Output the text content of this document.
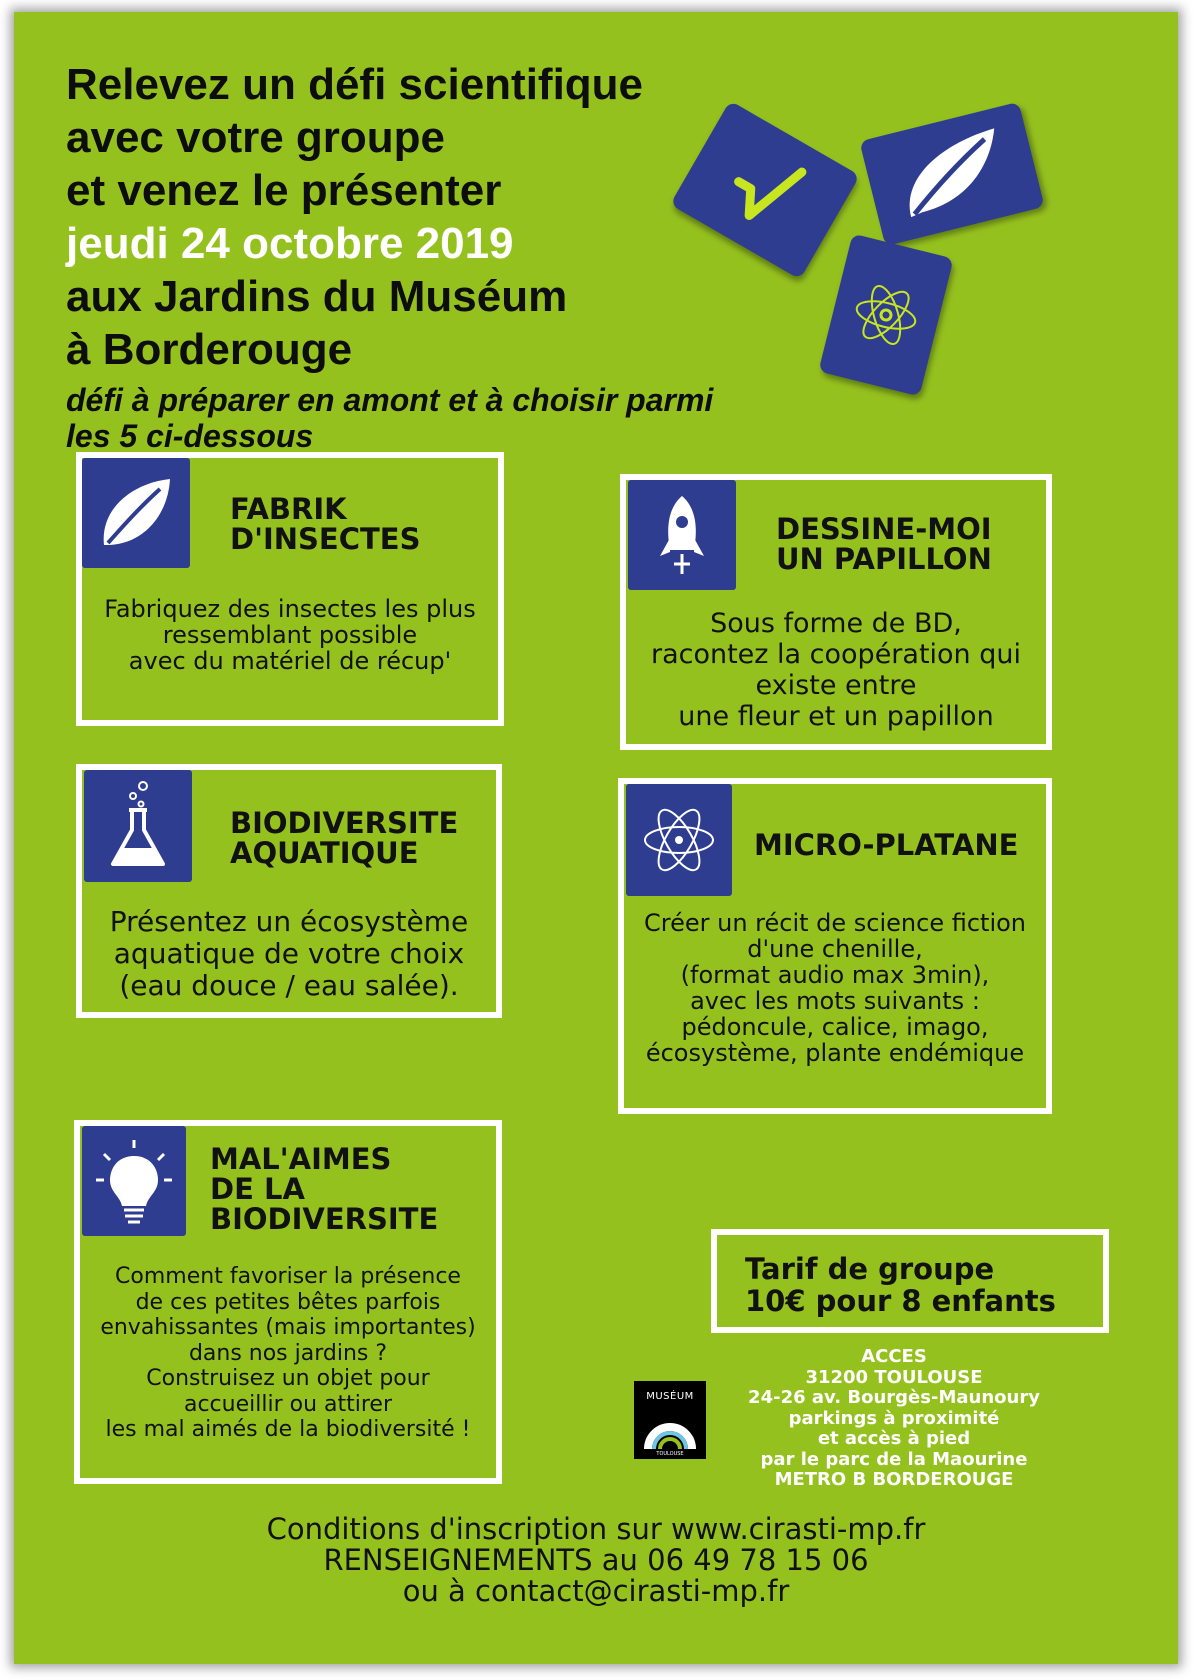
Relevez un défi scientifique
avec votre groupe
et venez le présenter
jeudi 24 octobre 2019
aux Jardins du Muséum
à Borderouge
défi à préparer en amont et à choisir parmi
les 5 ci-dessous
FABRIK
D'INSECTES
Fabriquez des insectes les plus
ressemblant possible
avec du matériel de récup'
DESSINE-MOI
UN PAPILLON
Sous forme de BD,
racontez la coopération qui
existe entre
une fleur et un papillon
BIODIVERSITE
AQUATIQUE
Présentez un écosystème
aquatique de votre choix
(eau douce / eau salée).
MICRO-PLATANE
Créer un récit de science fiction
d'une chenille,
(format audio max 3min),
avec les mots suivants :
pédoncule, calice, imago,
écosystème, plante endémique
MAL'AIMES
DE LA
BIODIVERSITE
Comment favoriser la présence
de ces petites bêtes parfois
envahissantes (mais importantes)
dans nos jardins ?
Construisez un objet pour
accueillir ou attirer
les mal aimés de la biodiversité !
Tarif de groupe
10€ pour 8 enfants
MUSÉUM
TOULOUSE
ACCES
31200 TOULOUSE
24-26 av. Bourgès-Maunoury
parkings à proximité
et accès à pied
par le parc de la Maourine
METRO B BORDEROUGE
Conditions d'inscription sur www.cirasti-mp.fr
RENSEIGNEMENTS au 06 49 78 15 06
ou à contact@cirasti-mp.fr
